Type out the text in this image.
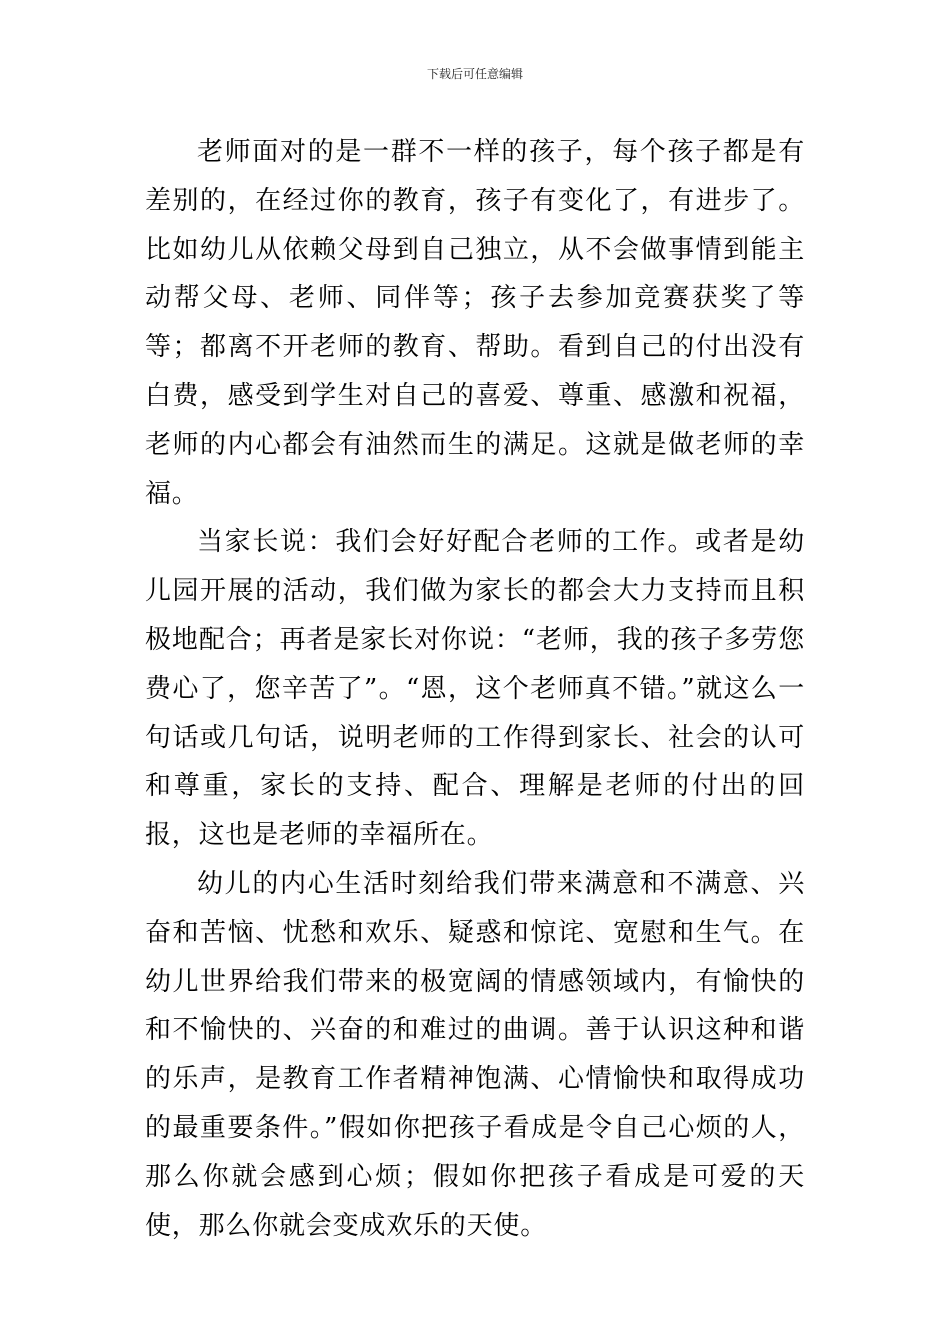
下载后可任意编辑

老师面对的是一群不一样的孩子，每个孩子都是有差别的，在经过你的教育，孩子有变化了，有进步了。比如幼儿从依赖父母到自己独立，从不会做事情到能主动帮父母、老师、同伴等；孩子去参加竞赛获奖了等等；都离不开老师的教育、帮助。看到自己的付出没有白费，感受到学生对自己的喜爱、尊重、感激和祝福，老师的内心都会有油然而生的满足。这就是做老师的幸福。

当家长说：我们会好好配合老师的工作。或者是幼儿园开展的活动，我们做为家长的都会大力支持而且积极地配合；再者是家长对你说：“老师，我的孩子多劳您费心了，您辛苦了”。“恩，这个老师真不错。”就这么一句话或几句话，说明老师的工作得到家长、社会的认可和尊重，家长的支持、配合、理解是老师的付出的回报，这也是老师的幸福所在。

幼儿的内心生活时刻给我们带来满意和不满意、兴奋和苦恼、忧愁和欢乐、疑惑和惊诧、宽慰和生气。在幼儿世界给我们带来的极宽阔的情感领域内，有愉快的和不愉快的、兴奋的和难过的曲调。善于认识这种和谐的乐声，是教育工作者精神饱满、心情愉快和取得成功的最重要条件。”假如你把孩子看成是令自己心烦的人，那么你就会感到心烦；假如你把孩子看成是可爱的天使，那么你就会变成欢乐的天使。
